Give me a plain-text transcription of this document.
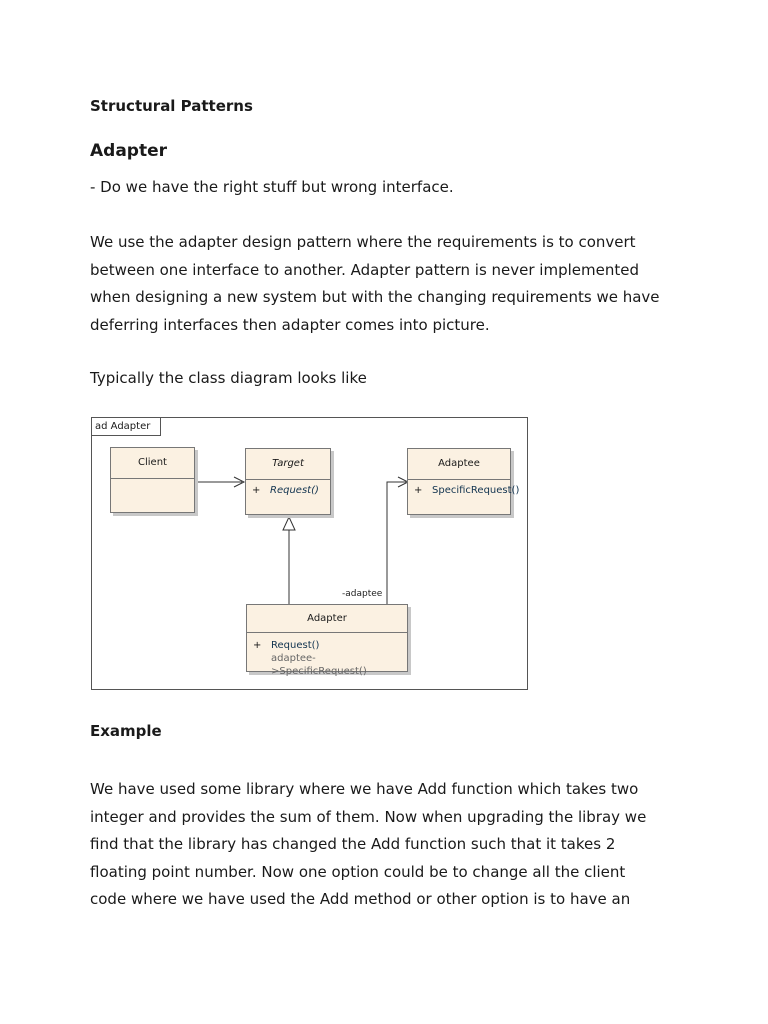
Structural Patterns

Adapter

- Do we have the right stuff but wrong interface.

We use the adapter design pattern where the requirements is to convert
between one interface to another. Adapter pattern is never implemented
when designing a new system but with the changing requirements we have
deferring interfaces then adapter comes into picture.

Typically the class diagram looks like

ad Adapter
Client	Target
+ Request()
Adaptee
+ SpecificRequest()
-adaptee
Adapter
+ Request()
adaptee->SpecificRequest()

Example

We have used some library where we have Add function which takes two
integer and provides the sum of them. Now when upgrading the libray we
find that the library has changed the Add function such that it takes 2
floating point number. Now one option could be to change all the client
code where we have used the Add method or other option is to have an
